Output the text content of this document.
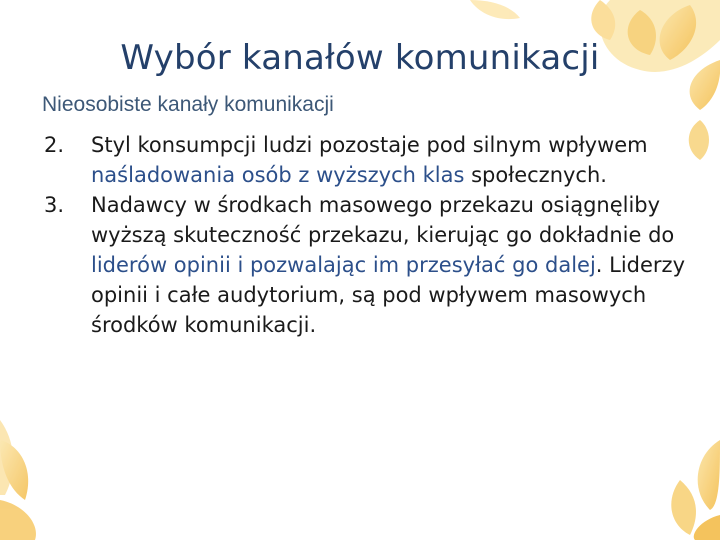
Wybór kanałów komunikacji

Nieosobiste kanały komunikacji

2.	Styl konsumpcji ludzi pozostaje pod silnym wpływem naśladowania osób z wyższych klas społecznych.
3.	Nadawcy w środkach masowego przekazu osiągnęliby wyższą skuteczność przekazu, kierując go dokładnie do liderów opinii i pozwalając im przesyłać go dalej. Liderzy opinii i całe audytorium, są pod wpływem masowych środków komunikacji.
